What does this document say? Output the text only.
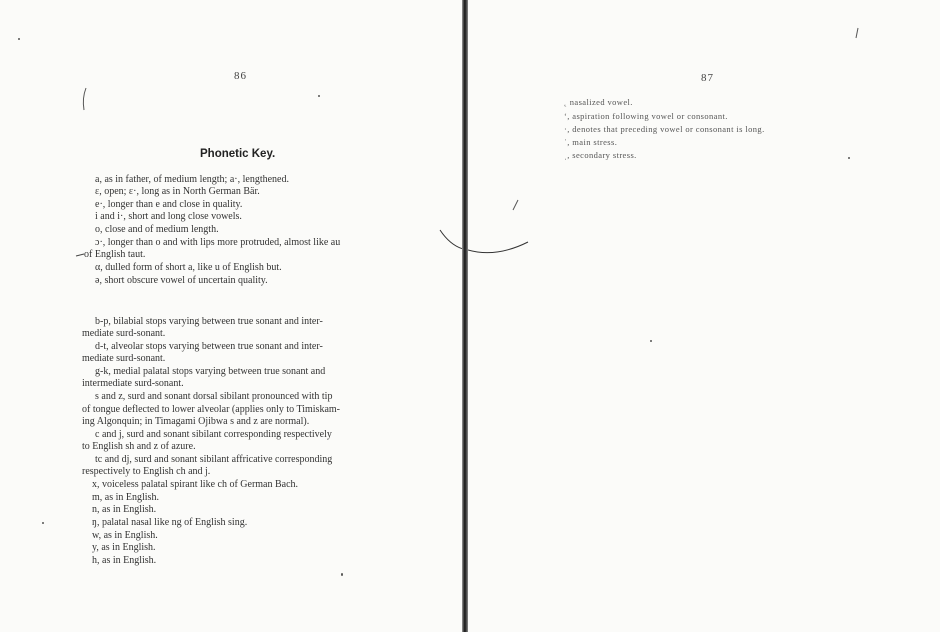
86
Phonetic Key.
a, as in father, of medium length; a·, lengthened.
ɛ, open; ɛ·, long as in North German Bär.
e·, longer than e and close in quality.
i and i·, short and long close vowels.
o, close and of medium length.
ɔ·, longer than o and with lips more protruded, almost like au
of English taut.
α, dulled form of short a, like u of English but.
ə, short obscure vowel of uncertain quality.
b-p, bilabial stops varying between true sonant and inter-
mediate surd-sonant.
d-t, alveolar stops varying between true sonant and inter-
mediate surd-sonant.
g-k, medial palatal stops varying between true sonant and
intermediate surd-sonant.
s and z, surd and sonant dorsal sibilant pronounced with tip
of tongue deflected to lower alveolar (applies only to Timiskam-
ing Algonquin; in Timagami Ojibwa s and z are normal).
c and j, surd and sonant sibilant corresponding respectively
to English sh and z of azure.
tc and dj, surd and sonant sibilant affricative corresponding
respectively to English ch and j.
x, voiceless palatal spirant like ch of German Bach.
m, as in English.
n, as in English.
ŋ, palatal nasal like ng of English sing.
w, as in English.
y, as in English.
h, as in English.
87
˛ nasalized vowel.
ʻ, aspiration following vowel or consonant.
·, denotes that preceding vowel or consonant is long.
ˈ, main stress.
ˌ, secondary stress.
